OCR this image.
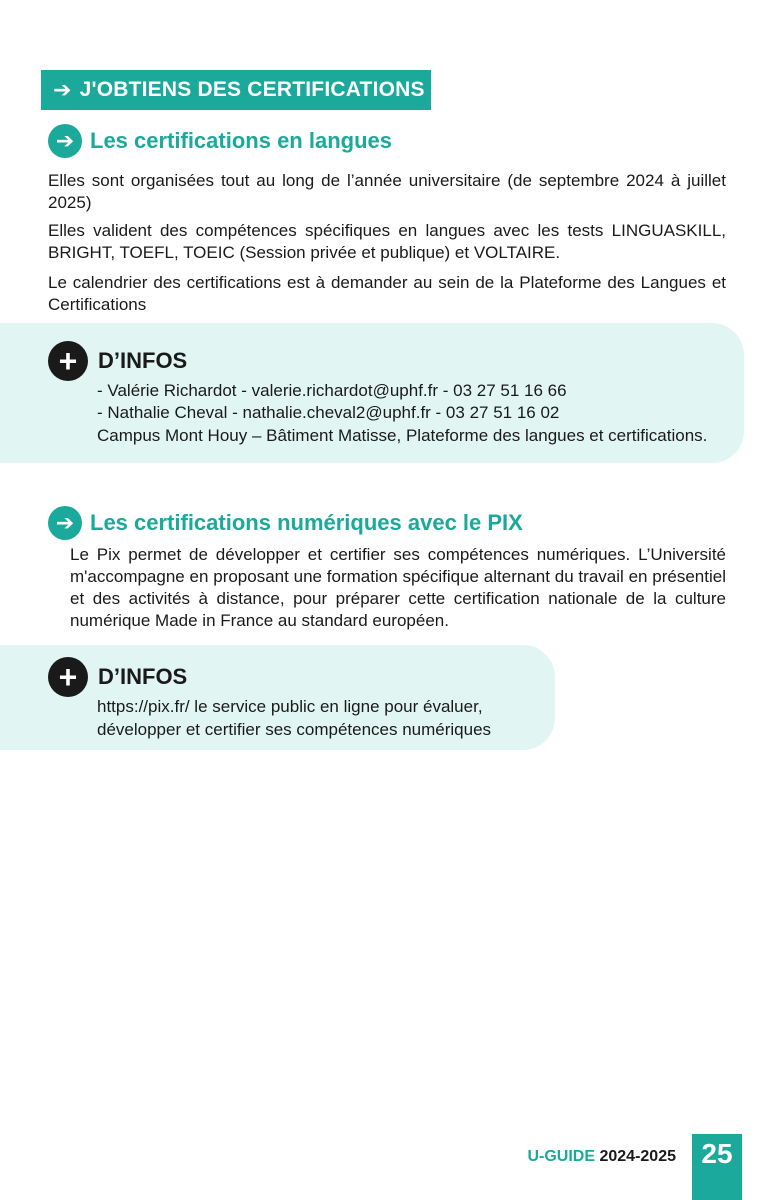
➔ J'OBTIENS DES CERTIFICATIONS
➔ Les certifications en langues

Elles sont organisées tout au long de l’année universitaire (de septembre 2024 à juillet 2025)

Elles valident des compétences spécifiques en langues avec les tests LINGUASKILL, BRIGHT, TOEFL, TOEIC (Session privée et publique) et VOLTAIRE.

Le calendrier des certifications est à demander au sein de la Plateforme des Langues et Certifications

+ D’INFOS
- Valérie Richardot - valerie.richardot@uphf.fr - 03 27 51 16 66
- Nathalie Cheval - nathalie.cheval2@uphf.fr - 03 27 51 16 02
Campus Mont Houy – Bâtiment Matisse, Plateforme des langues et certifications.
➔ Les certifications numériques avec le PIX

Le Pix permet de développer et certifier ses compétences numériques. L’Université m'accompagne en proposant une formation spécifique alternant du travail en présentiel et des activités à distance, pour préparer cette certification nationale de la culture numérique Made in France au standard européen.

+ D’INFOS
https://pix.fr/ le service public en ligne pour évaluer,
développer et certifier ses compétences numériques
U-GUIDE 2024-2025 25
